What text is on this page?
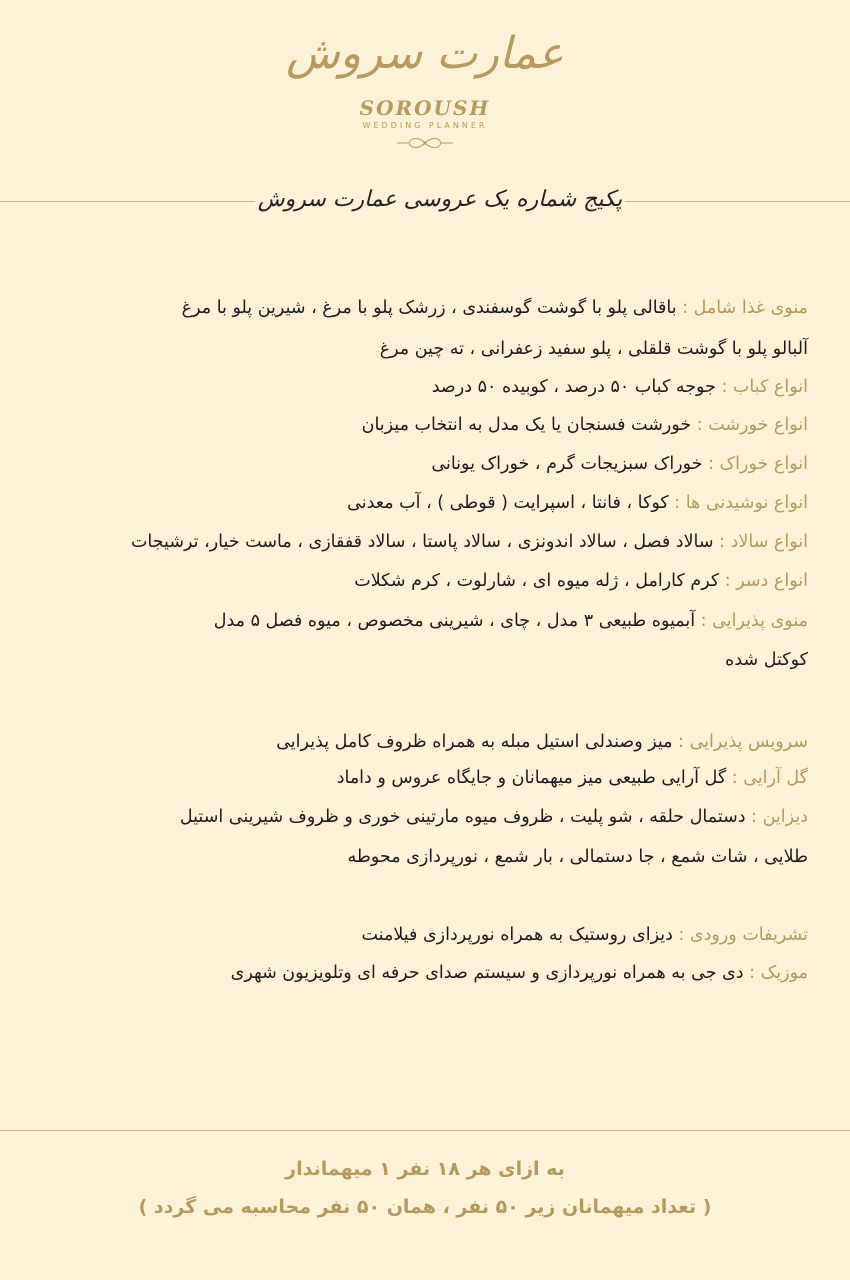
عمارت سروش
SOROUSH
WEDDING PLANNER
پکیج شماره یک عروسی عمارت سروش
منوی غذا شامل : باقالی پلو با گوشت گوسفندی ، زرشک پلو با مرغ ، شیرین پلو با مرغ
آلبالو پلو با گوشت قلقلی ، پلو سفید زعفرانی ، ته چین مرغ
انواع کباب : جوجه کباب ۵۰ درصد ، کوبیده ۵۰ درصد
انواع خورشت : خورشت فسنجان یا یک مدل به انتخاب میزبان
انواع خوراک : خوراک سبزیجات گرم ، خوراک یونانی
انواع نوشیدنی ها : کوکا ، فانتا ، اسپرایت ( قوطی ) ، آب معدنی
انواع سالاد : سالاد فصل ، سالاد اندونزی ، سالاد پاستا ، سالاد قفقازی ، ماست خیار، ترشیجات
انواع دسر : کرم کارامل ، ژله میوه ای ، شارلوت ، کرم شکلات
منوی پذیرایی : آبمیوه طبیعی ۳ مدل ، چای ، شیرینی مخصوص ، میوه فصل ۵ مدل
کوکتل شده
سرویس پذیرایی : میز وصندلی استیل مبله به همراه ظروف کامل پذیرایی
گل آرایی : گل آرایی طبیعی میز میهمانان و جایگاه عروس و داماد
دیزاین : دستمال حلقه ، شو پلیت ، ظروف میوه مارتینی خوری و ظروف شیرینی استیل
طلایی ، شات شمع ، جا دستمالی ، بار شمع ، نورپردازی محوطه
تشریفات ورودی : دیزای روستیک به همراه نورپردازی فیلامنت
موزیک : دی جی به همراه نورپردازی و سیستم صدای حرفه ای وتلویزیون شهری
به ازای هر ۱۸ نفر ۱ میهماندار
( تعداد میهمانان زیر ۵۰ نفر ، همان ۵۰ نفر محاسبه می گردد )
